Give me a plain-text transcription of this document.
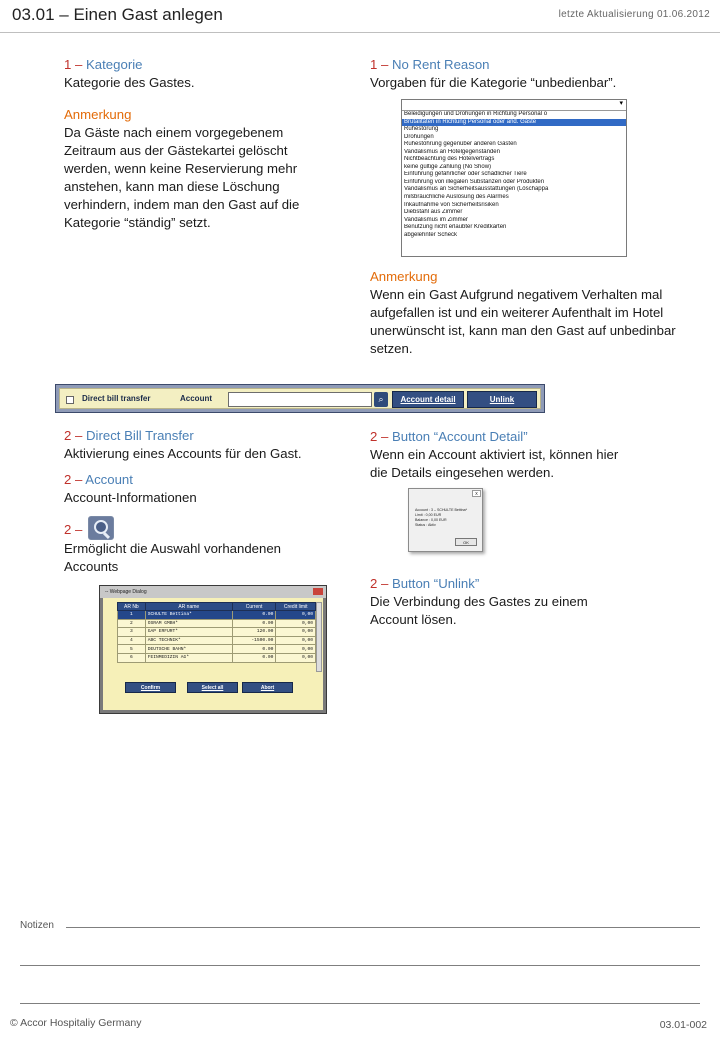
03.01 – Einen Gast anlegen	letzte Aktualisierung 01.06.2012
1 – Kategorie
Kategorie des Gastes.
Anmerkung
Da Gäste nach einem vorgegebenem
Zeitraum aus der Gästekartei gelöscht
werden, wenn keine Reservierung mehr
anstehen, kann man diese Löschung
verhindern, indem man den Gast auf die
Kategorie “ständig” setzt.
1 – No Rent Reason
Vorgaben für die Kategorie “unbedienbar”.
▾
Beleidigungen und Drohungen in Richtung Personal o
Brutalitäten in Richtung Personal oder and. Gäste
Ruhestörung
Drohungen
Ruhestöhrung gegenüber anderen Gästen
Vandalismus an Hotelgegenständen
Nichtbeachtung des Hotelvertrags
keine gültige Zahlung (No Show)
Einführung gefährlicher oder schädlicher Tiere
Einführung von illegalen Substanzen oder Produkten
Vandalismus an Sicherheitsausstattungen (Löschappa
mißbräuchliche Auslösung des Alarmes
Inkaufnahme von Sicherheitsrisiken
Diebstahl aus Zimmer
Vandalismus im Zimmer
Benutzung nicht erlaubter Kreditkarten
abgelehnter Scheck
Anmerkung
Wenn ein Gast Aufgrund negativem Verhalten mal
aufgefallen ist und ein weiterer Aufenthalt im Hotel
unerwünscht ist, kann man den Gast auf unbedinbar
setzen.
Direct bill transfer	Account	⌕	Account detail	Unlink
2 – Direct Bill Transfer
Aktivierung eines Accounts für den Gast.
2 – Account
Account-Informationen
2 –
Ermöglicht die Auswahl vorhandenen
Accounts
-- Webpage Dialog
AR Nb	AR name	Current	Credit limit
1	SCHULTE Bettina*	0.00	0,00
2	OSRAM GMBH*	0.00	0,00
3	GAP ERFURT*	120.00	0,00
4	ABC TECHNIK*	-1500.00	0,00
5	DEUTSCHE BAHN*	0.00	0,00
6	FEINMEDIZIN AG*	0.00	0,00
Confirm	Select all	Abort
2 – Button “Account Detail”
Wenn ein Account aktiviert ist, können hier
die Details eingesehen werden.
x
Account : 3 – SCHULTE Bettina*
Limit : 0,00 EUR
Balance : 0,00 EUR
Status : Aktiv
OK
2 – Button “Unlink”
Die Verbindung des Gastes zu einem
Account lösen.
Notizen
© Accor Hospitaliy Germany	03.01-002
